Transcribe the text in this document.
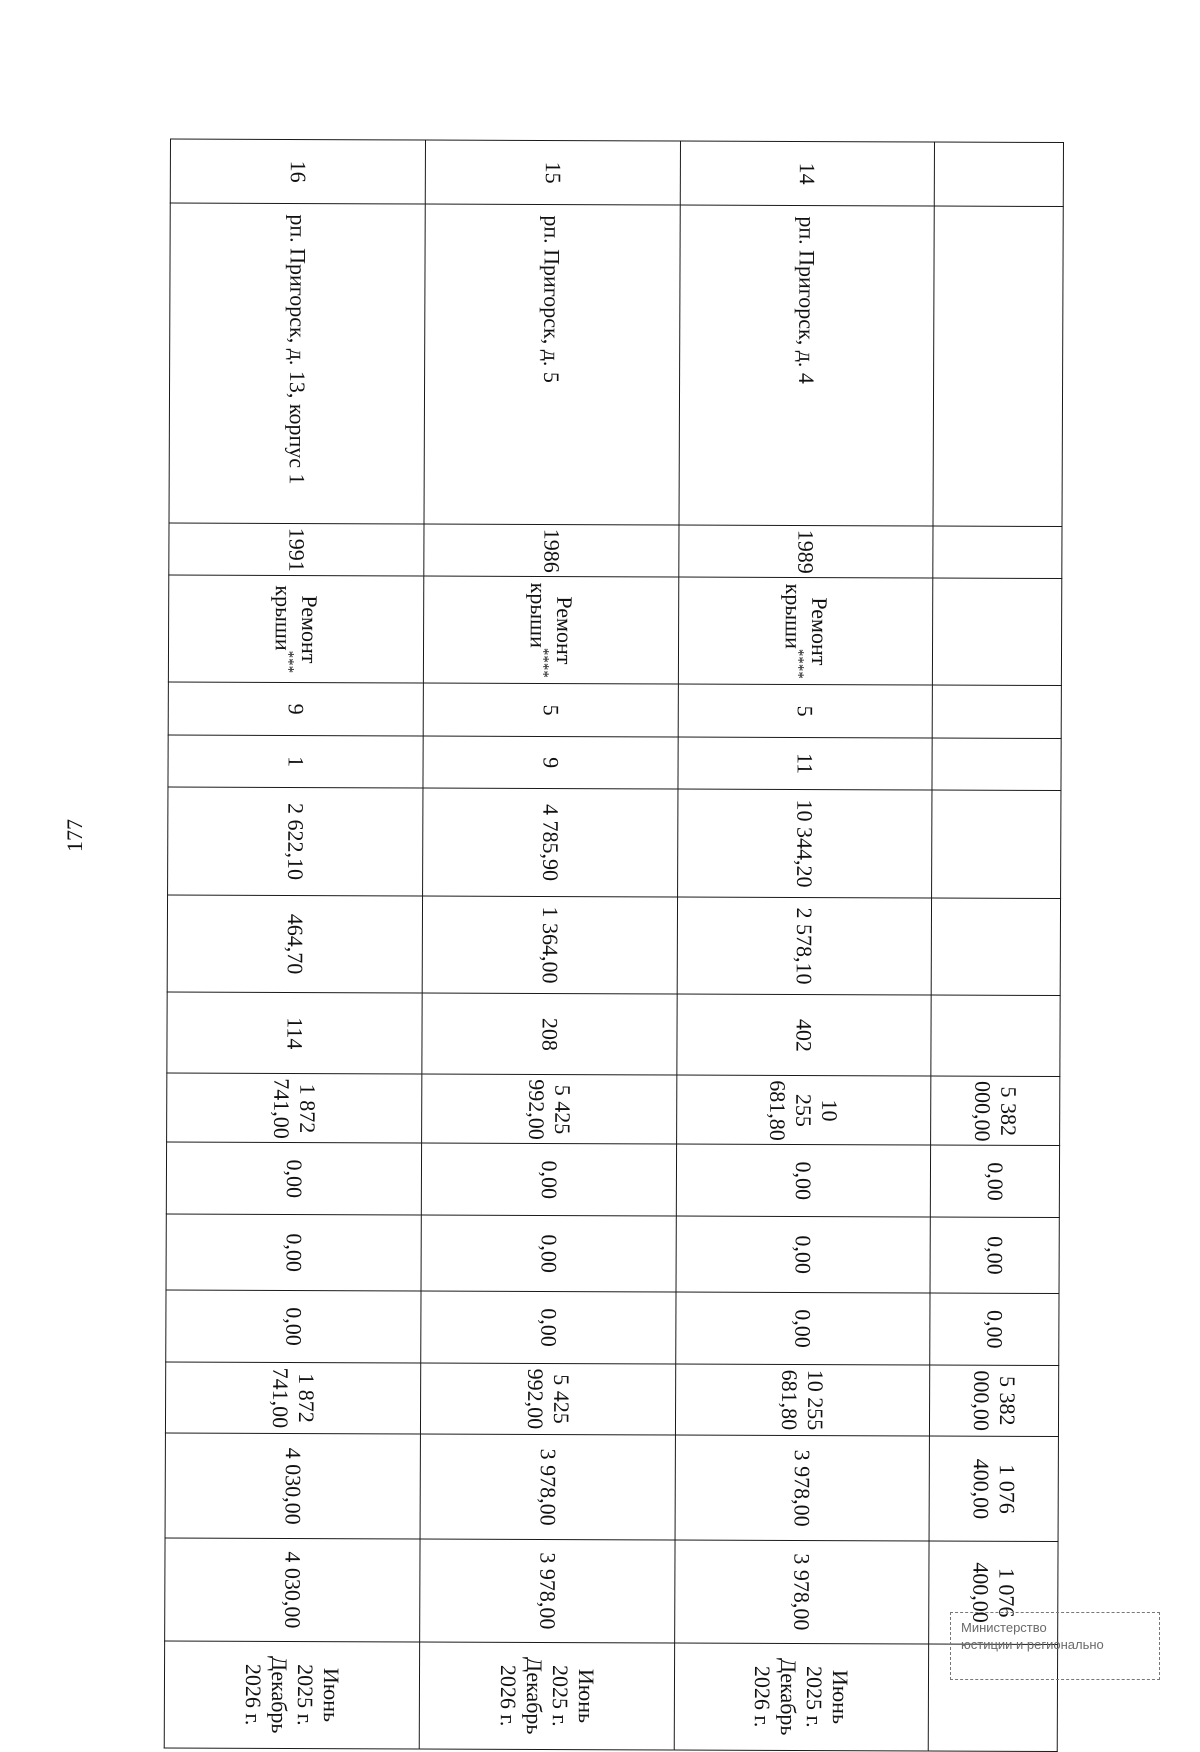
177
									5 382 000,00	0,00	0,00	0,00	5 382 000,00	1 076 400,00	1 076 400,00	
14	рп. Пригорск, д. 4	1989	Ремонт крыши****	5	11	10 344,20	2 578,10	402	10 255 681,80	0,00	0,00	0,00	10 255 681,80	3 978,00	3 978,00	Июнь 2025 г. Декабрь 2026 г.
15	рп. Пригорск, д. 5	1986	Ремонт крыши****	5	9	4 785,90	1 364,00	208	5 425 992,00	0,00	0,00	0,00	5 425 992,00	3 978,00	3 978,00	Июнь 2025 г. Декабрь 2026 г.
16	рп. Пригорск, д. 13, корпус 1	1991	Ремонт крыши***	9	1	2 622,10	464,70	114	1 872 741,00	0,00	0,00	0,00	1 872 741,00	4 030,00	4 030,00	Июнь 2025 г. Декабрь 2026 г.
Министерство
юстиции и регионально
